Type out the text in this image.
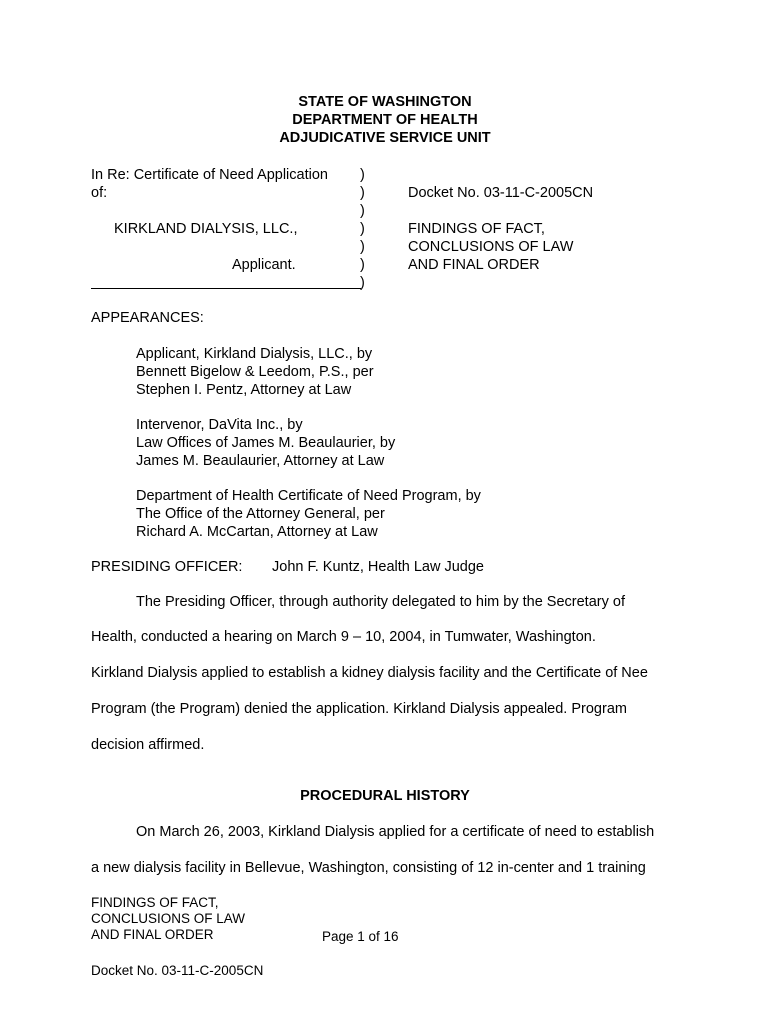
STATE OF WASHINGTON
DEPARTMENT OF HEALTH
ADJUDICATIVE SERVICE UNIT
In Re: Certificate of Need Application
of:
KIRKLAND DIALYSIS, LLC.,
Applicant.
)
)
)
)
)
)
)
Docket No. 03-11-C-2005CN
FINDINGS OF FACT,
CONCLUSIONS OF LAW
AND FINAL ORDER
APPEARANCES:
Applicant, Kirkland Dialysis, LLC., by
Bennett Bigelow & Leedom, P.S., per
Stephen I. Pentz, Attorney at Law
Intervenor, DaVita Inc., by
Law Offices of James M. Beaulaurier, by
James M. Beaulaurier, Attorney at Law
Department of Health Certificate of Need Program, by
The Office of the Attorney General, per
Richard A. McCartan, Attorney at Law
PRESIDING OFFICER: John F. Kuntz, Health Law Judge
The Presiding Officer, through authority delegated to him by the Secretary of
Health, conducted a hearing on March 9 – 10, 2004, in Tumwater, Washington.
Kirkland Dialysis applied to establish a kidney dialysis facility and the Certificate of Nee
Program (the Program) denied the application. Kirkland Dialysis appealed. Program
decision affirmed.
PROCEDURAL HISTORY
On March 26, 2003, Kirkland Dialysis applied for a certificate of need to establish
a new dialysis facility in Bellevue, Washington, consisting of 12 in-center and 1 training
FINDINGS OF FACT,
CONCLUSIONS OF LAW
AND FINAL ORDER	Page 1 of 16
Docket No. 03-11-C-2005CN
